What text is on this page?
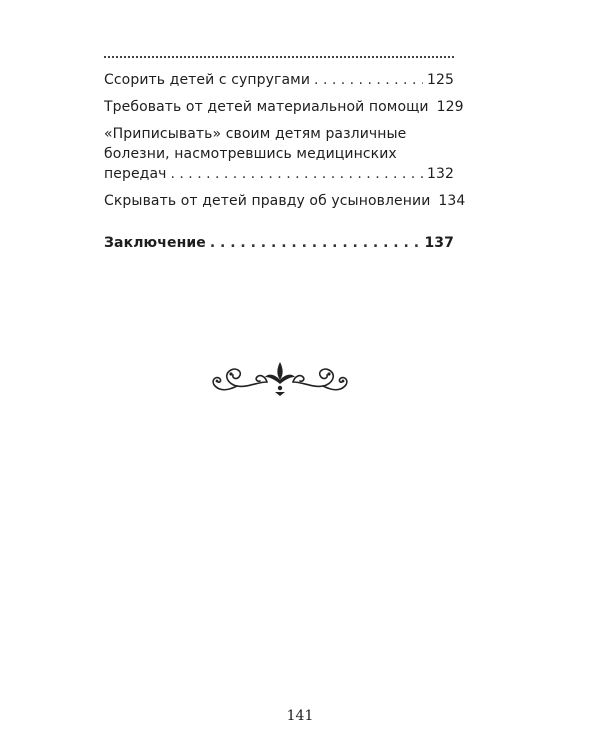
Ссорить детей с супругами . . .	125
Требовать от детей материальной помощи 129
«Приписывать» своим детям различные
болезни, насмотревшись медицинских
передач . . .	132
Скрывать от детей правду об усыновлении 134
Заключение . . .	137
141
